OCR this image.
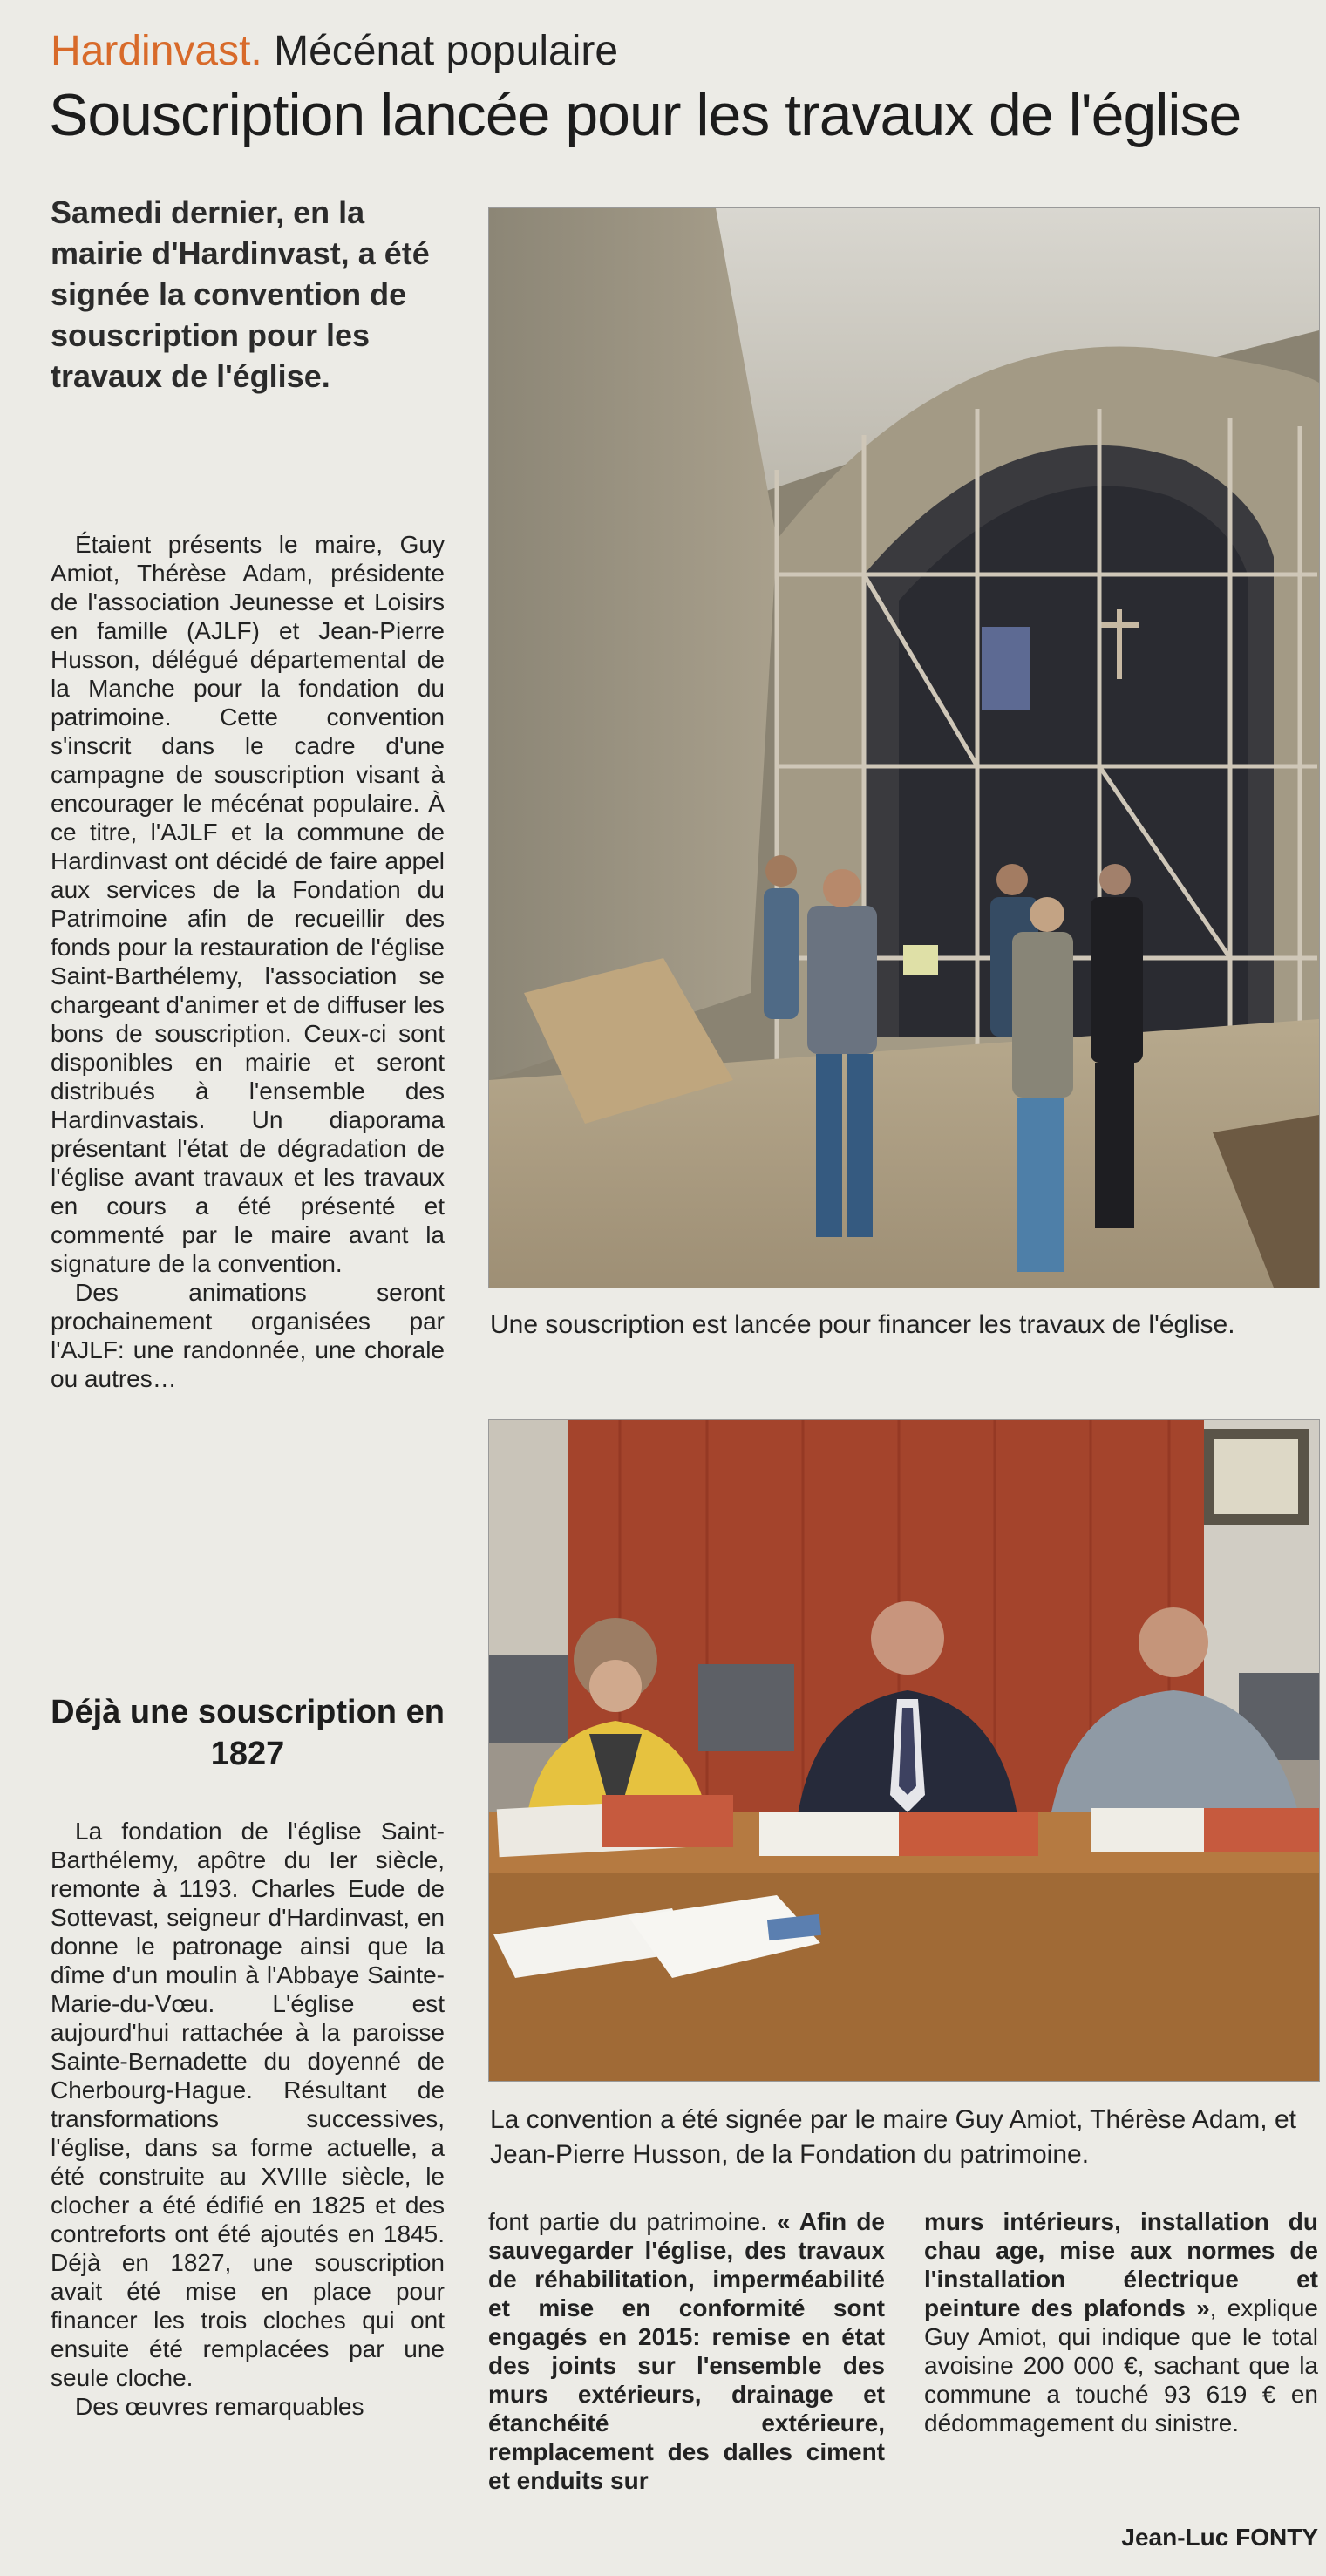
Hardinvast. Mécénat populaire
Souscription lancée pour les travaux de l'église
Samedi dernier, en la mairie d'Hardinvast, a été signée la convention de souscription pour les travaux de l'église.

Étaient présents le maire, Guy Amiot, Thérèse Adam, présidente de l'association Jeunesse et Loisirs en famille (AJLF) et Jean-Pierre Husson, délégué départemental de la Manche pour la fondation du patrimoine. Cette convention s'inscrit dans le cadre d'une campagne de souscription visant à encourager le mécénat populaire. À ce titre, l'AJLF et la commune de Hardinvast ont décidé de faire appel aux services de la Fondation du Patrimoine afin de recueillir des fonds pour la restauration de l'église Saint-Barthélemy, l'association se chargeant d'animer et de diffuser les bons de souscription. Ceux-ci sont disponibles en mairie et seront distribués à l'ensemble des Hardinvastais. Un diaporama présentant l'état de dégradation de l'église avant travaux et les travaux en cours a été présenté et commenté par le maire avant la signature de la convention.

Des animations seront prochainement organisées par l'AJLF: une randonnée, une chorale ou autres…

Déjà une souscription en 1827

La fondation de l'église Saint-Barthélemy, apôtre du Ier siècle, remonte à 1193. Charles Eude de Sottevast, seigneur d'Hardinvast, en donne le patronage ainsi que la dîme d'un moulin à l'Abbaye Sainte-Marie-du-Vœu. L'église est aujourd'hui rattachée à la paroisse Sainte-Bernadette du doyenné de Cherbourg-Hague. Résultant de transformations successives, l'église, dans sa forme actuelle, a été construite au XVIIIe siècle, le clocher a été édifié en 1825 et des contreforts ont été ajoutés en 1845. Déjà en 1827, une souscription avait été mise en place pour financer les trois cloches qui ont ensuite été remplacées par une seule cloche.

Des œuvres remarquables

font partie du patrimoine. « Afin de sauvegarder l'église, des travaux de réhabilitation, imperméabilité et mise en conformité sont engagés en 2015: remise en état des joints sur l'ensemble des murs extérieurs, drainage et étanchéité extérieure, remplacement des dalles ciment et enduits sur
murs intérieurs, installation du chau age, mise aux normes de l'installation électrique et peinture des plafonds », explique Guy Amiot, qui indique que le total avoisine 200 000 €, sachant que la commune a touché 93 619 € en dédommagement du sinistre.
Jean-Luc FONTY
Une souscription est lancée pour financer les travaux de l'église.
La convention a été signée par le maire Guy Amiot, Thérèse Adam, et Jean-Pierre Husson, de la Fondation du patrimoine.
